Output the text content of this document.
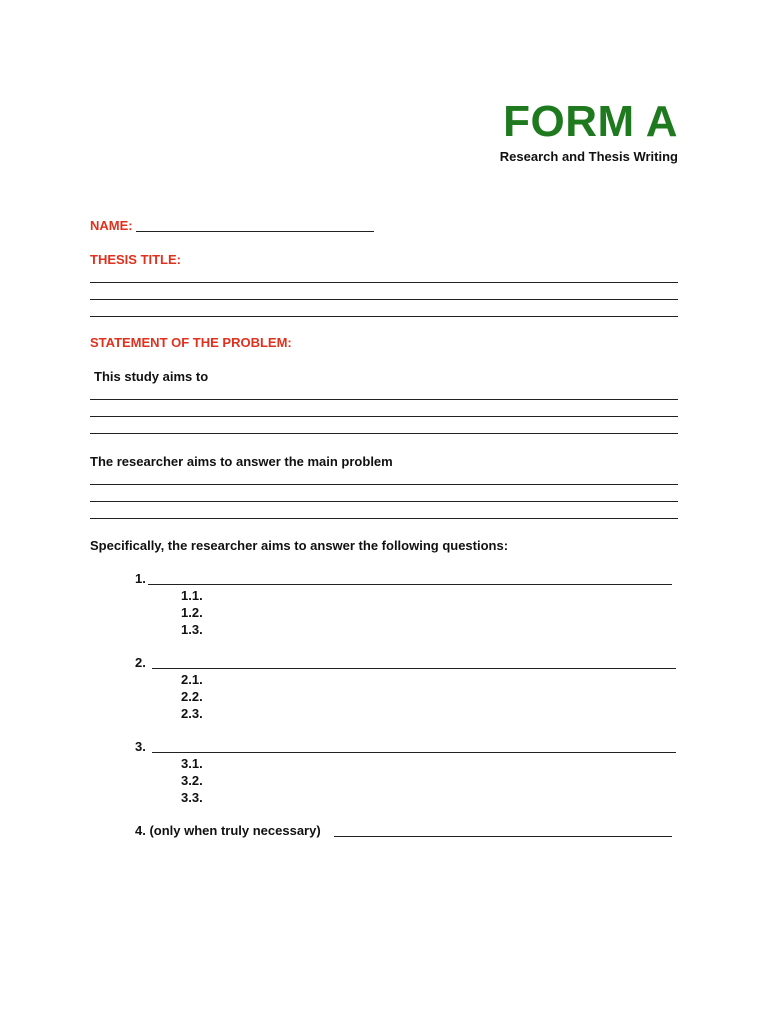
FORM A
Research and Thesis Writing
NAME:
THESIS TITLE:
STATEMENT OF THE PROBLEM:
This study aims to
The researcher aims to answer the main problem
Specifically, the researcher aims to answer the following questions:
1.
1.1.
1.2.
1.3.
2.
2.1.
2.2.
2.3.
3.
3.1.
3.2.
3.3.
4. (only when truly necessary)
